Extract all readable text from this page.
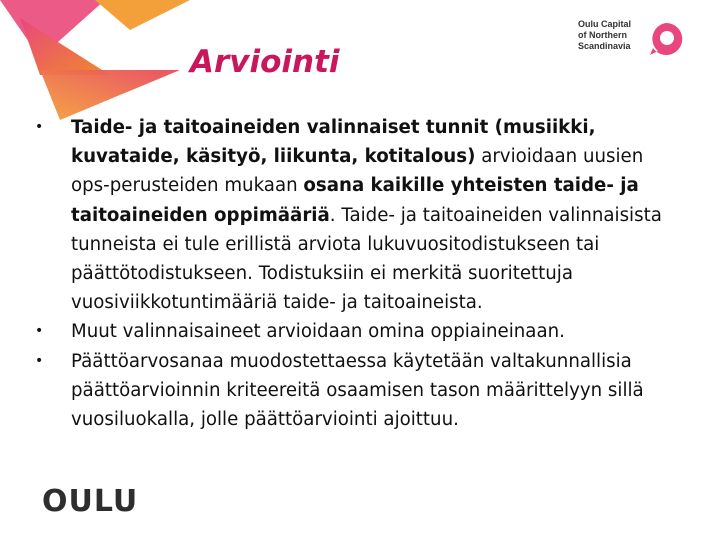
Arviointi
Oulu Capital
of Northern
Scandinavia
• Taide- ja taitoaineiden valinnaiset tunnit (musiikki, kuvataide, käsityö, liikunta, kotitalous) arvioidaan uusien ops-perusteiden mukaan osana kaikille yhteisten taide- ja taitoaineiden oppimääriä. Taide- ja taitoaineiden valinnaisista tunneista ei tule erillistä arviota lukuvuositodistukseen tai päättötodistukseen. Todistuksiin ei merkitä suoritettuja vuosiviikkotuntimääriä taide- ja taitoaineista.
• Muut valinnaisaineet arvioidaan omina oppiaineinaan.
• Päättöarvosanaa muodostettaessa käytetään valtakunnallisia päättöarvioinnin kriteereitä osaamisen tason määrittelyyn sillä vuosiluokalla, jolle päättöarviointi ajoittuu.
OULU
